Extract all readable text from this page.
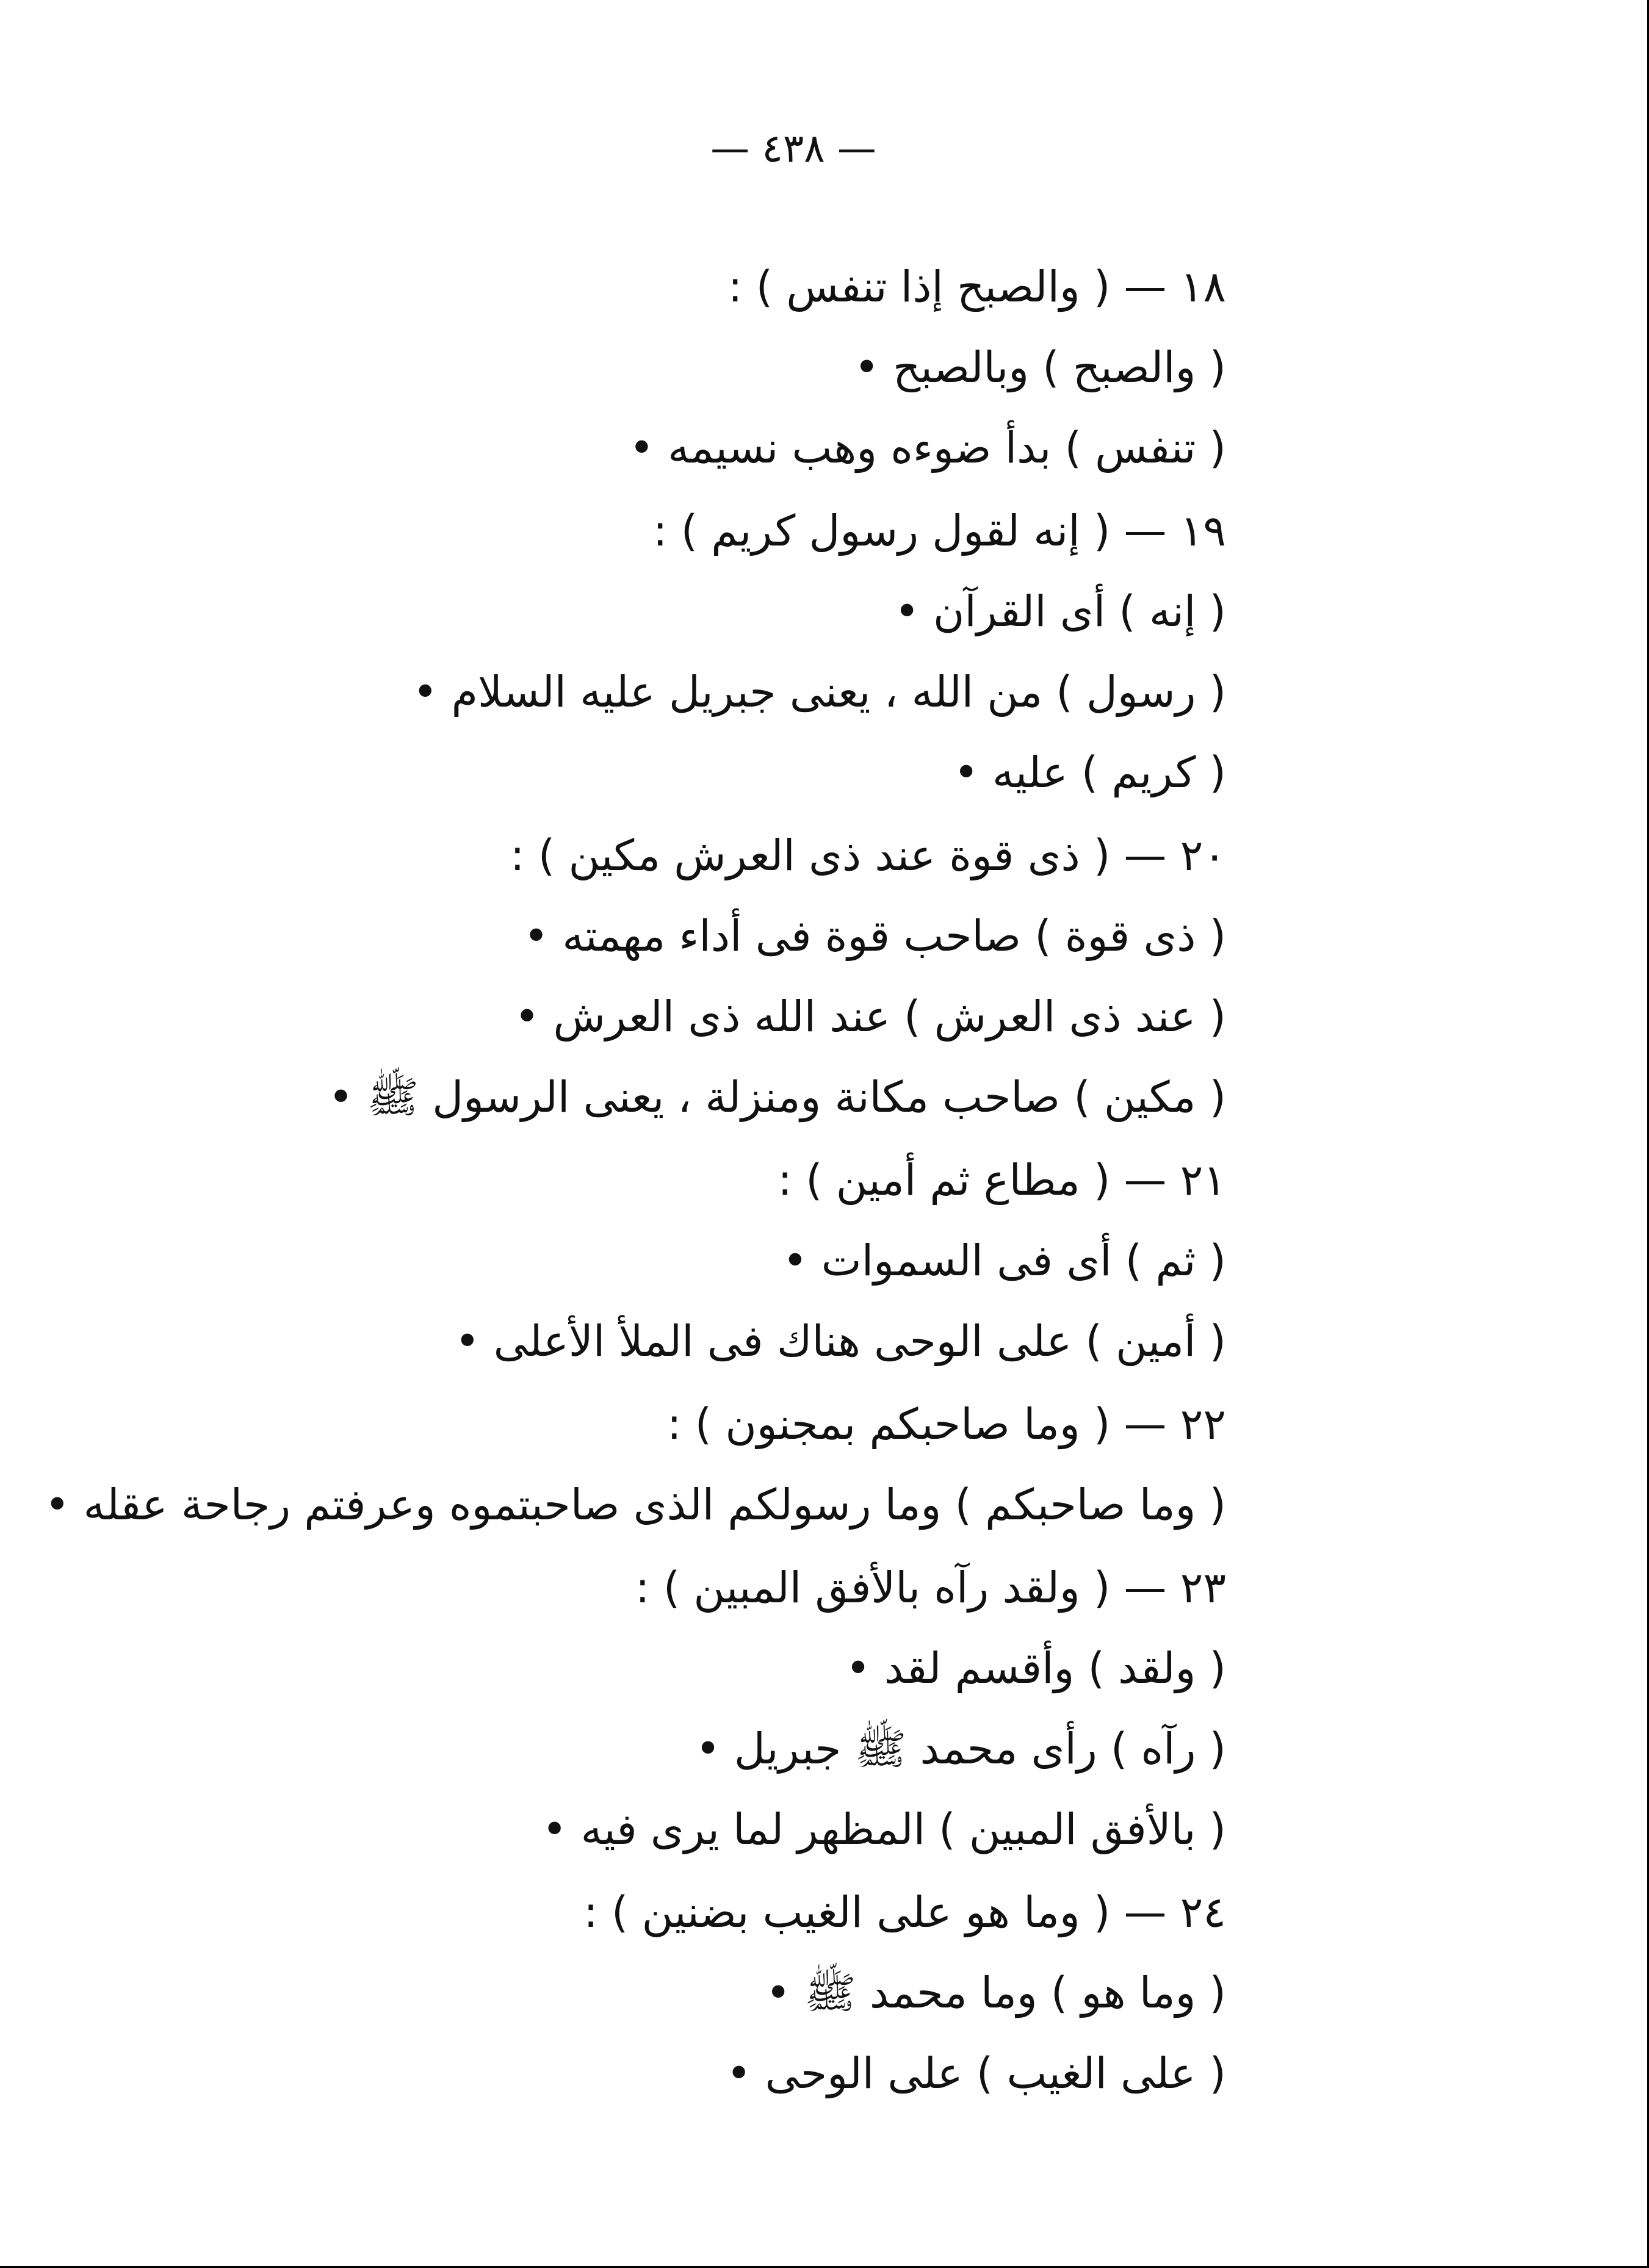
— ٤٣٨ —
١٨ — ( والصبح إذا تنفس ) :
( والصبح ) وبالصبح •
( تنفس ) بدأ ضوءه وهب نسيمه •
١٩ — ( إنه لقول رسول كريم ) :
( إنه ) أى القرآن •
( رسول ) من الله ، يعنى جبريل عليه السلام •
( كريم ) عليه •
٢٠ — ( ذى قوة عند ذى العرش مكين ) :
( ذى قوة ) صاحب قوة فى أداء مهمته •
( عند ذى العرش ) عند الله ذى العرش •
( مكين ) صاحب مكانة ومنزلة ، يعنى الرسول ﷺ •
٢١ — ( مطاع ثم أمين ) :
( ثم ) أى فى السموات •
( أمين ) على الوحى هناك فى الملأ الأعلى •
٢٢ — ( وما صاحبكم بمجنون ) :
( وما صاحبكم ) وما رسولكم الذى صاحبتموه وعرفتم رجاحة عقله •
٢٣ — ( ولقد رآه بالأفق المبين ) :
( ولقد ) وأقسم لقد •
( رآه ) رأى محمد ﷺ جبريل •
( بالأفق المبين ) المظهر لما يرى فيه •
٢٤ — ( وما هو على الغيب بضنين ) :
( وما هو ) وما محمد ﷺ •
( على الغيب ) على الوحى •
